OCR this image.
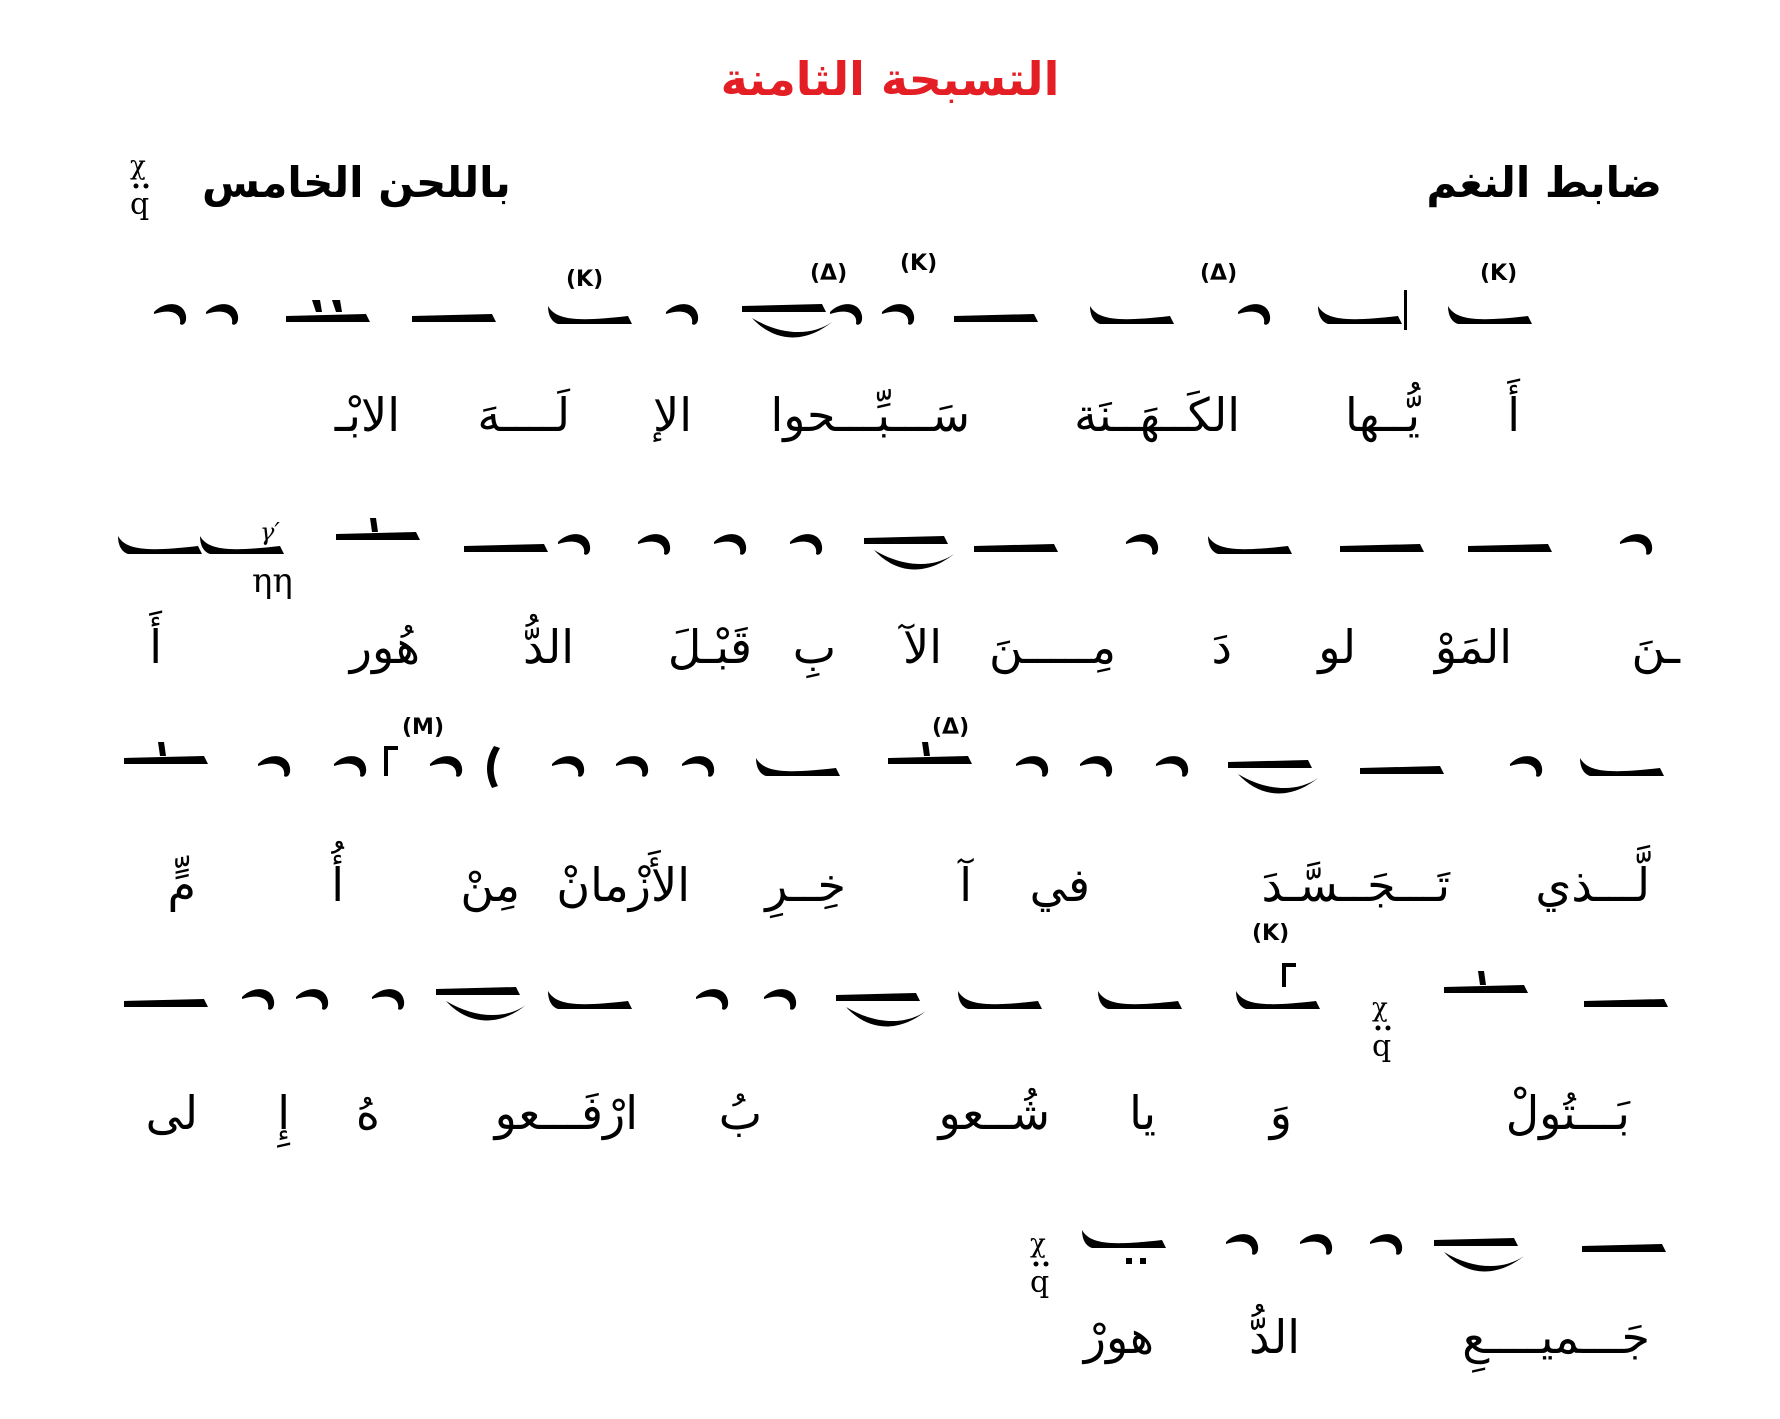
التسبحة الثامنة
ضابط النغم
باللحن الخامس
χ
q
(K)
(Δ)
(K)
(Δ)
(K)
أَ
يُّــها
الكَــهَــنَة
سَـــبِّـــحوا
الإ
لَــــهَ
الابْـ
γ′
ηη
ـنَ
المَوْ
لو
دَ
مِـــــنَ
الآ
بِ
قَبْـلَ
الدُّ
هُور
أَ
(Δ)
(M)
لَّـــذي
تَـــجَــسَّـدَ
في
آ
خِــرِ
الأَزْمانْ
مِنْ
أُ
مٍّ
(K)
χ
q
بَـــتُولْ
وَ
يا
شُــعو
بُ
ارْفَـــعو
هُ
إِ
لى
χ
q
جَـــميــــعِ
الدُّ
هورْ
